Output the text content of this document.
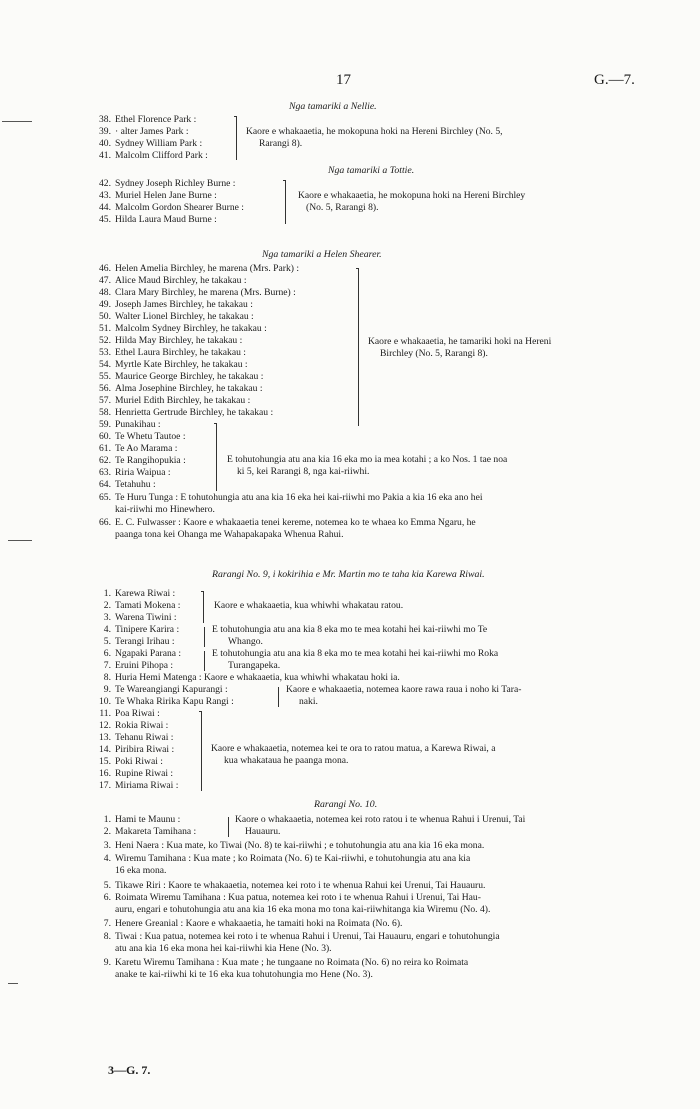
17	G.—7.
Nga tamariki a Nellie.
38. Ethel Florence Park :
39. · alter James Park :
40. Sydney William Park :
41. Malcolm Clifford Park :
Kaore e whakaaetia, he mokopuna hoki na Hereni Birchley (No. 5,
Rarangi 8).
Nga tamariki a Tottie.
42. Sydney Joseph Richley Burne :
43. Muriel Helen Jane Burne :
44. Malcolm Gordon Shearer Burne :
45. Hilda Laura Maud Burne :
Kaore e whakaaetia, he mokopuna hoki na Hereni Birchley
(No. 5, Rarangi 8).
Nga tamariki a Helen Shearer.
46. Helen Amelia Birchley, he marena (Mrs. Park) :
47. Alice Maud Birchley, he takakau :
48. Clara Mary Birchley, he marena (Mrs. Burne) :
49. Joseph James Birchley, he takakau :
50. Walter Lionel Birchley, he takakau :
51. Malcolm Sydney Birchley, he takakau :
52. Hilda May Birchley, he takakau :
53. Ethel Laura Birchley, he takakau :
54. Myrtle Kate Birchley, he takakau :
55. Maurice George Birchley, he takakau :
56. Alma Josephine Birchley, he takakau :
57. Muriel Edith Birchley, he takakau :
58. Henrietta Gertrude Birchley, he takakau :
Kaore e whakaaetia, he tamariki hoki na Hereni
Birchley (No. 5, Rarangi 8).
59. Punakihau :
60. Te Whetu Tautoe :
61. Te Ao Marama :
62. Te Rangihopukia :
63. Riria Waipua :
64. Tetahuhu :
E tohutohungia atu ana kia 16 eka mo ia mea kotahi ; a ko Nos. 1 tae noa
ki 5, kei Rarangi 8, nga kai-riiwhi.
65. Te Huru Tunga : E tohutohungia atu ana kia 16 eka hei kai-riiwhi mo Pakia a kia 16 eka ano hei
kai-riiwhi mo Hinewhero.
66. E. C. Fulwasser : Kaore e whakaaetia tenei kereme, notemea ko te whaea ko Emma Ngaru, he
paanga tona kei Ohanga me Wahapakapaka Whenua Rahui.
Rarangi No. 9, i kokirihia e Mr. Martin mo te taha kia Karewa Riwai.
1. Karewa Riwai :
2. Tamati Mokena :
3. Warena Tiwini :
Kaore e whakaaetia, kua whiwhi whakatau ratou.
4. Tinipere Karira :
5. Terangi Irihau :
E tohutohungia atu ana kia 8 eka mo te mea kotahi hei kai-riiwhi mo Te
Whango.
6. Ngapaki Parana :
7. Eruini Pihopa :
E tohutohungia atu ana kia 8 eka mo te mea kotahi hei kai-riiwhi mo Roka
Turangapeka.
8. Huria Hemi Matenga : Kaore e whakaaetia, kua whiwhi whakatau hoki ia.
9. Te Wareangiangi Kapurangi :
10. Te Whaka Ririka Kapu Rangi :
Kaore e whakaaetia, notemea kaore rawa raua i noho ki Tara-
naki.
11. Poa Riwai :
12. Rokia Riwai :
13. Tehanu Riwai :
14. Piribira Riwai :
15. Poki Riwai :
16. Rupine Riwai :
17. Miriama Riwai :
Kaore e whakaaetia, notemea kei te ora to ratou matua, a Karewa Riwai, a
kua whakatauа he paanga mona.
Rarangi No. 10.
1. Hami te Maunu :
2. Makareta Tamihana :
Kaore o whakaaetia, notemea kei roto ratou i te whenua Rahui i Urenui, Tai
Hauauru.
3. Heni Naera : Kua mate, ko Tiwai (No. 8) te kai-riiwhi ; e tohutohungia atu ana kia 16 eka mona.
4. Wiremu Tamihana : Kua mate ; ko Roimata (No. 6) te Kai-riiwhi, e tohutohungia atu ana kia
16 eka mona.
5. Tikawe Riri : Kaore te whakaaetia, notemea kei roto i te whenua Rahui kei Urenui, Tai Hauauru.
6. Roimata Wiremu Tamihana : Kua patua, notemea kei roto i te whenua Rahui i Urenui, Tai Hau-
auru, engari e tohutohungia atu ana kia 16 eka mona mo tona kai-riiwhitanga kia Wiremu (No. 4).
7. Henere Greanial : Kaore e whakaaetia, he tamaiti hoki na Roimata (No. 6).
8. Tiwai : Kua patua, notemea kei roto i te whenua Rahui i Urenui, Tai Hauauru, engari e tohutohungia
atu ana kia 16 eka mona hei kai-riiwhi kia Hene (No. 3).
9. Karetu Wiremu Tamihana : Kua mate ; he tungaane no Roimata (No. 6) no reira ko Roimata
anake te kai-riiwhi ki te 16 eka kua tohutohungia mo Hene (No. 3).
3—G. 7.
